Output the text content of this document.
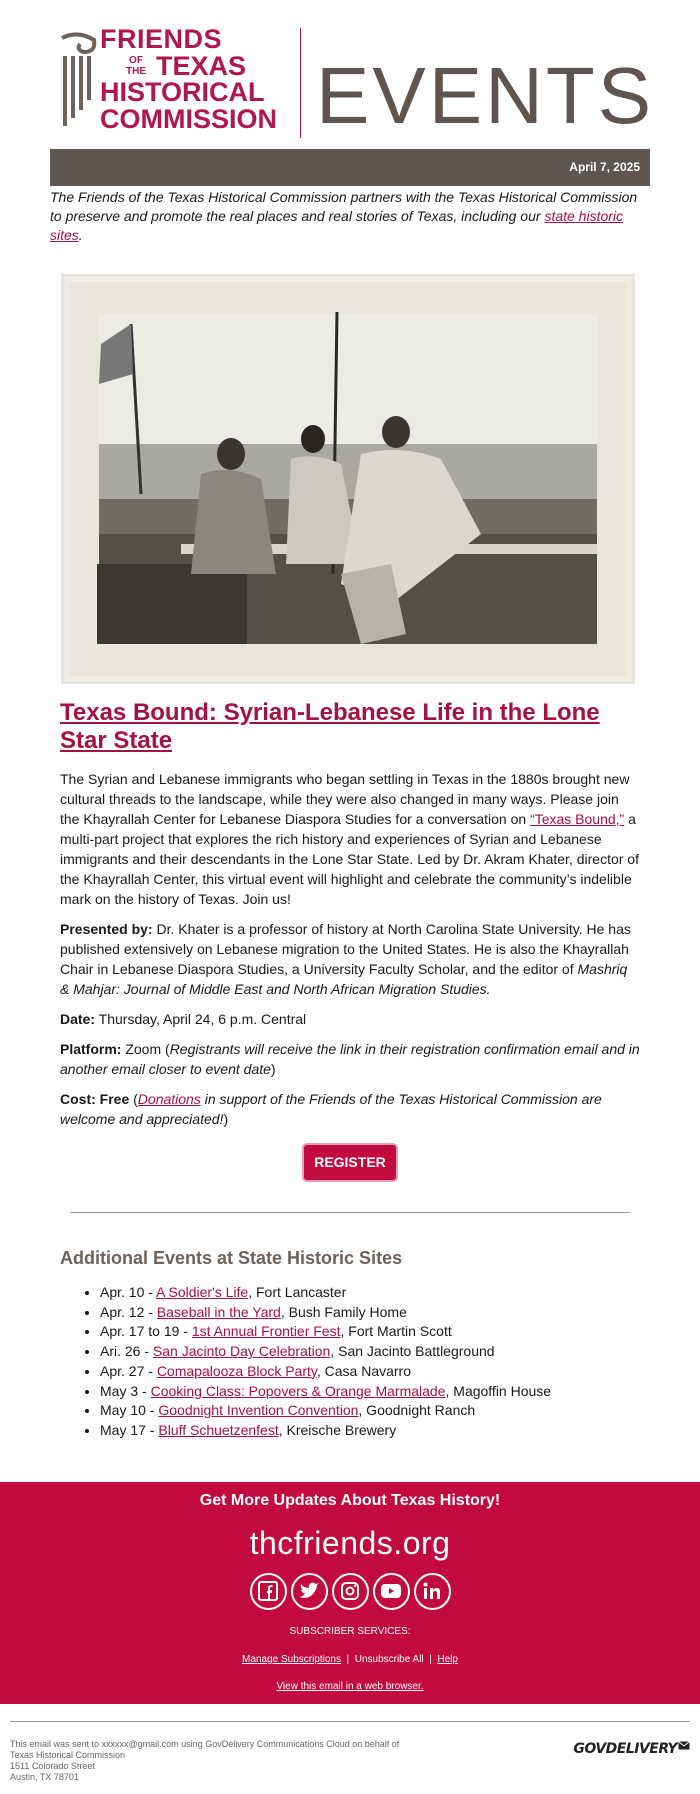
FRIENDS
OF THE TEXAS
HISTORICAL
COMMISSION EVENTS
April 7, 2025

The Friends of the Texas Historical Commission partners with the Texas Historical Commission to preserve and promote the real places and real stories of Texas, including our state historic sites.

Texas Bound: Syrian-Lebanese Life in the Lone Star State

The Syrian and Lebanese immigrants who began settling in Texas in the 1880s brought new cultural threads to the landscape, while they were also changed in many ways. Please join the Khayrallah Center for Lebanese Diaspora Studies for a conversation on “Texas Bound,” a multi-part project that explores the rich history and experiences of Syrian and Lebanese immigrants and their descendants in the Lone Star State. Led by Dr. Akram Khater, director of the Khayrallah Center, this virtual event will highlight and celebrate the community’s indelible mark on the history of Texas. Join us!

Presented by: Dr. Khater is a professor of history at North Carolina State University. He has published extensively on Lebanese migration to the United States. He is also the Khayrallah Chair in Lebanese Diaspora Studies, a University Faculty Scholar, and the editor of Mashriq & Mahjar: Journal of Middle East and North African Migration Studies.

Date: Thursday, April 24, 6 p.m. Central

Platform: Zoom (Registrants will receive the link in their registration confirmation email and in another email closer to event date)

Cost: Free (Donations in support of the Friends of the Texas Historical Commission are welcome and appreciated!)

REGISTER
Additional Events at State Historic Sites
• Apr. 10 - A Soldier's Life, Fort Lancaster
• Apr. 12 - Baseball in the Yard, Bush Family Home
• Apr. 17 to 19 - 1st Annual Frontier Fest, Fort Martin Scott
• Ari. 26 - San Jacinto Day Celebration, San Jacinto Battleground
• Apr. 27 - Comapalooza Block Party, Casa Navarro
• May 3 - Cooking Class: Popovers & Orange Marmalade, Magoffin House
• May 10 - Goodnight Invention Convention, Goodnight Ranch
• May 17 - Bluff Schuetzenfest, Kreische Brewery
Get More Updates About Texas History!
thcfriends.org
SUBSCRIBER SERVICES:
Manage Subscriptions  |  Unsubscribe All  |  Help
View this email in a web browser.
This email was sent to xxxxxx@gmail.com using GovDelivery Communications Cloud on behalf of
Texas Historical Commission
1511 Colorado Street
Austin, TX 78701
GOVDELIVERY
